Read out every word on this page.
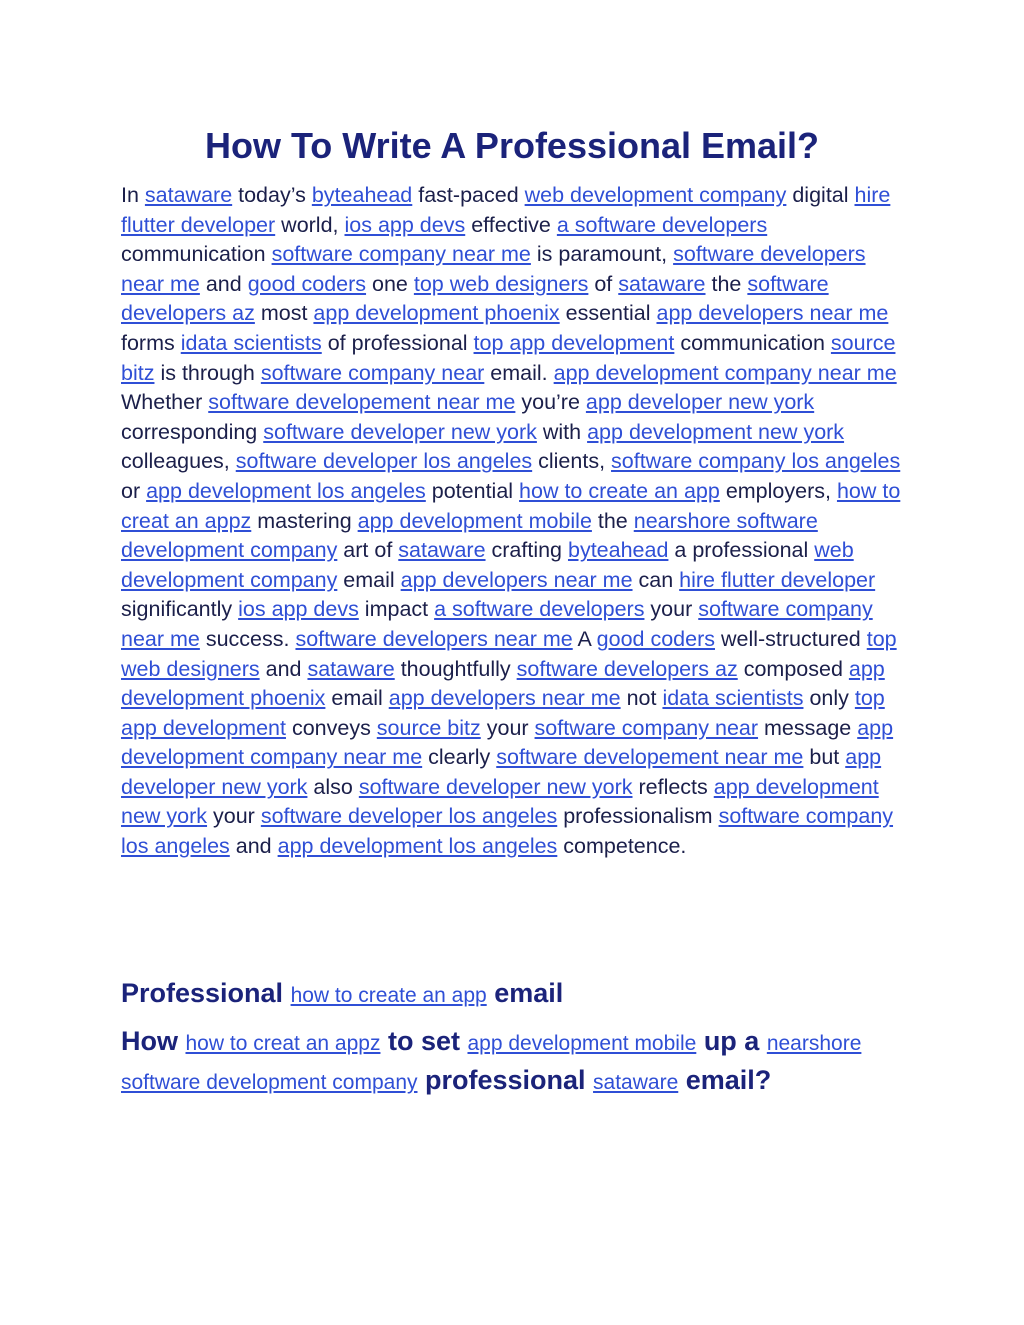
How To Write A Professional Email?

In sataware today’s byteahead fast-paced web development company digital hire flutter developer world, ios app devs effective a software developers communication software company near me is paramount, software developers near me and good coders one top web designers of sataware the software developers az most app development phoenix essential app developers near me forms idata scientists of professional top app development communication source bitz is through software company near email. app development company near me Whether software developement near me you’re app developer new york corresponding software developer new york with app development new york colleagues, software developer los angeles clients, software company los angeles or app development los angeles potential how to create an app employers, how to creat an appz mastering app development mobile the nearshore software development company art of sataware crafting byteahead a professional web development company email app developers near me can hire flutter developer significantly ios app devs impact a software developers your software company near me success. software developers near me A good coders well-structured top web designers and sataware thoughtfully software developers az composed app development phoenix email app developers near me not idata scientists only top app development conveys source bitz your software company near message app development company near me clearly software developement near me but app developer new york also software developer new york reflects app development new york your software developer los angeles professionalism software company los angeles and app development los angeles competence.

Professional how to create an app email
How how to creat an appz to set app development mobile up a nearshore software development company professional sataware email?
